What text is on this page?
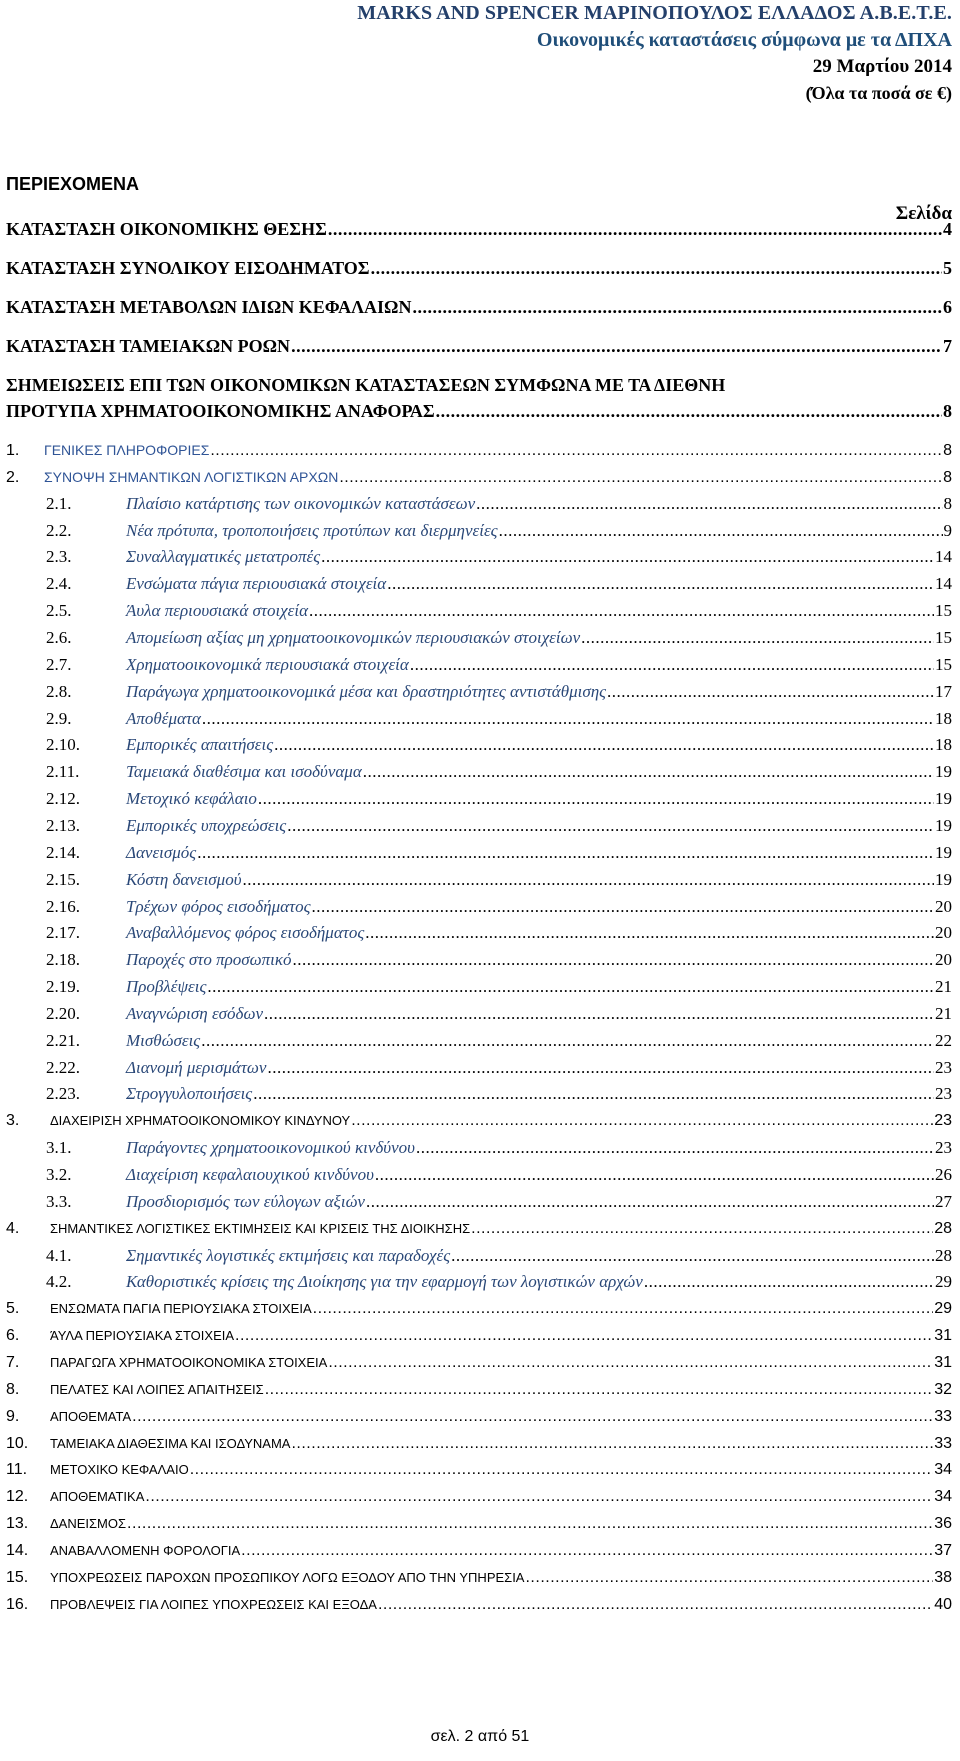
MARKS AND SPENCER ΜΑΡΙΝΟΠΟΥΛΟΣ ΕΛΛΑΔΟΣ Α.Β.Ε.Τ.Ε.
Οικονομικές καταστάσεις σύμφωνα με τα ΔΠΧΑ
29 Μαρτίου 2014
(Όλα τα ποσά σε €)
ΠΕΡΙΕΧΟΜΕΝΑ
Σελίδα
ΚΑΤΑΣΤΑΣΗ ΟΙΚΟΝΟΜΙΚΗΣ ΘΕΣΗΣ .....	4
ΚΑΤΑΣΤΑΣΗ ΣΥΝΟΛΙΚΟΥ ΕΙΣΟΔΗΜΑΤΟΣ .....	5
ΚΑΤΑΣΤΑΣΗ ΜΕΤΑΒΟΛΩΝ ΙΔΙΩΝ ΚΕΦΑΛΑΙΩΝ .....	6
ΚΑΤΑΣΤΑΣΗ ΤΑΜΕΙΑΚΩΝ ΡΟΩΝ .....	7
ΣΗΜΕΙΩΣΕΙΣ ΕΠΙ ΤΩΝ ΟΙΚΟΝΟΜΙΚΩΝ ΚΑΤΑΣΤΑΣΕΩΝ ΣΥΜΦΩΝΑ ΜΕ ΤΑ ΔΙΕΘΝΗ
ΠΡΟΤΥΠΑ ΧΡΗΜΑΤΟΟΙΚΟΝΟΜΙΚΗΣ ΑΝΑΦΟΡΑΣ .....	8
1.	ΓΕΝΙΚΕΣ ΠΛΗΡΟΦΟΡΙΕΣ .....	8
2.	ΣΥΝΟΨΗ ΣΗΜΑΝΤΙΚΩΝ ΛΟΓΙΣΤΙΚΩΝ ΑΡΧΩΝ .....	8
2.1.	Πλαίσιο κατάρτισης των οικονομικών καταστάσεων .....	8
2.2.	Νέα πρότυπα, τροποποιήσεις προτύπων και διερμηνείες .....	9
2.3.	Συναλλαγματικές μετατροπές .....	14
2.4.	Ενσώματα πάγια περιουσιακά στοιχεία .....	14
2.5.	Άυλα περιουσιακά στοιχεία .....	15
2.6.	Απομείωση αξίας μη χρηματοοικονομικών περιουσιακών στοιχείων .....	15
2.7.	Χρηματοοικονομικά περιουσιακά στοιχεία .....	15
2.8.	Παράγωγα χρηματοοικονομικά μέσα και δραστηριότητες αντιστάθμισης .....	17
2.9.	Αποθέματα .....	18
2.10.	Εμπορικές απαιτήσεις .....	18
2.11.	Ταμειακά διαθέσιμα και ισοδύναμα .....	19
2.12.	Μετοχικό κεφάλαιο .....	19
2.13.	Εμπορικές υποχρεώσεις .....	19
2.14.	Δανεισμός .....	19
2.15.	Κόστη δανεισμού .....	19
2.16.	Τρέχων φόρος εισοδήματος .....	20
2.17.	Αναβαλλόμενος φόρος εισοδήματος .....	20
2.18.	Παροχές στο προσωπικό .....	20
2.19.	Προβλέψεις .....	21
2.20.	Αναγνώριση εσόδων .....	21
2.21.	Μισθώσεις .....	22
2.22.	Διανομή μερισμάτων .....	23
2.23.	Στρογγυλοποιήσεις .....	23
3.	ΔΙΑΧΕΙΡΙΣΗ ΧΡΗΜΑΤΟΟΙΚΟΝΟΜΙΚΟΥ ΚΙΝΔΥΝΟΥ .....	23
3.1.	Παράγοντες χρηματοοικονομικού κινδύνου .....	23
3.2.	Διαχείριση κεφαλαιουχικού κινδύνου .....	26
3.3.	Προσδιορισμός των εύλογων αξιών .....	27
4.	ΣΗΜΑΝΤΙΚΕΣ ΛΟΓΙΣΤΙΚΕΣ ΕΚΤΙΜΗΣΕΙΣ ΚΑΙ ΚΡΙΣΕΙΣ ΤΗΣ ΔΙΟΙΚΗΣΗΣ .....	28
4.1.	Σημαντικές λογιστικές εκτιμήσεις και παραδοχές .....	28
4.2.	Καθοριστικές κρίσεις της Διοίκησης για την εφαρμογή των λογιστικών αρχών .....	29
5.	ΕΝΣΩΜΑΤΑ ΠΑΓΙΑ ΠΕΡΙΟΥΣΙΑΚΑ ΣΤΟΙΧΕΙΑ .....	29
6.	ΆΥΛΑ ΠΕΡΙΟΥΣΙΑΚΑ ΣΤΟΙΧΕΙΑ .....	31
7.	ΠΑΡΑΓΩΓΑ ΧΡΗΜΑΤΟΟΙΚΟΝΟΜΙΚΑ ΣΤΟΙΧΕΙΑ .....	31
8.	ΠΕΛΑΤΕΣ ΚΑΙ ΛΟΙΠΕΣ ΑΠΑΙΤΗΣΕΙΣ .....	32
9.	ΑΠΟΘΕΜΑΤΑ .....	33
10.	ΤΑΜΕΙΑΚΑ ΔΙΑΘΕΣΙΜΑ ΚΑΙ ΙΣΟΔΥΝΑΜΑ .....	33
11.	ΜΕΤΟΧΙΚΟ ΚΕΦΑΛΑΙΟ .....	34
12.	ΑΠΟΘΕΜΑΤΙΚΑ .....	34
13.	ΔΑΝΕΙΣΜΟΣ .....	36
14.	ΑΝΑΒΑΛΛΟΜΕΝΗ ΦΟΡΟΛΟΓΙΑ .....	37
15.	ΥΠΟΧΡΕΩΣΕΙΣ ΠΑΡΟΧΩΝ ΠΡΟΣΩΠΙΚΟΥ ΛΟΓΩ ΕΞΟΔΟΥ ΑΠΟ ΤΗΝ ΥΠΗΡΕΣΙΑ .....	38
16.	ΠΡΟΒΛΕΨΕΙΣ ΓΙΑ ΛΟΙΠΕΣ ΥΠΟΧΡΕΩΣΕΙΣ ΚΑΙ ΕΞΟΔΑ .....	40
σελ. 2 από 51
